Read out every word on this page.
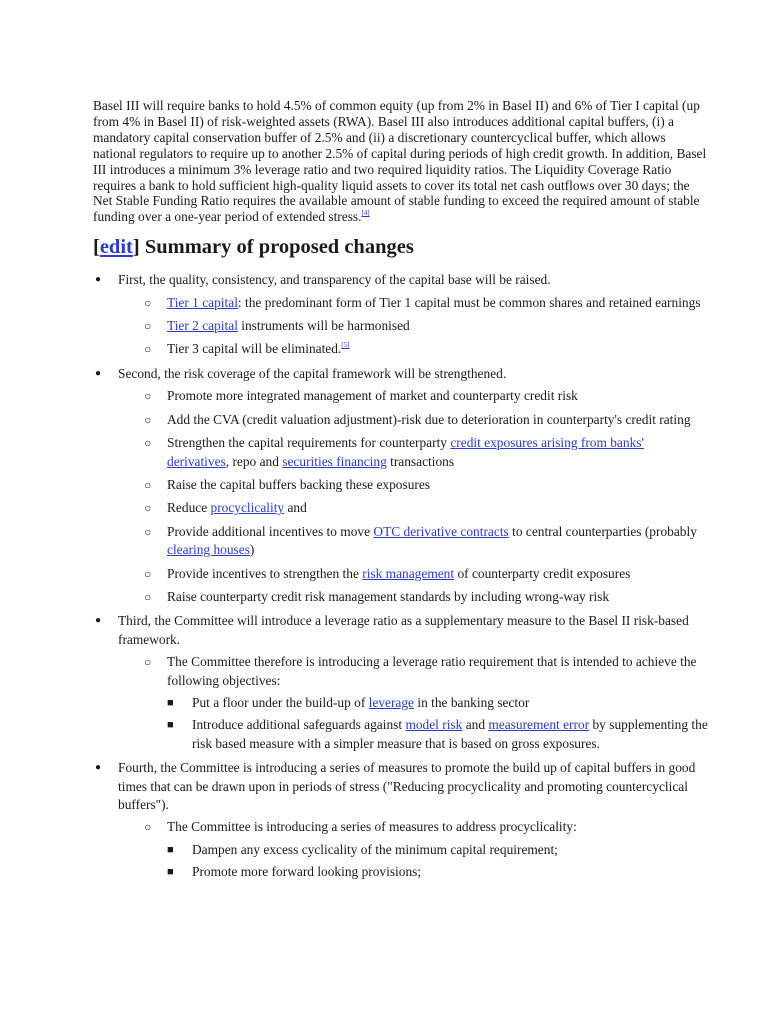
Basel III will require banks to hold 4.5% of common equity (up from 2% in Basel II) and 6% of Tier I capital (up from 4% in Basel II) of risk-weighted assets (RWA). Basel III also introduces additional capital buffers, (i) a mandatory capital conservation buffer of 2.5% and (ii) a discretionary countercyclical buffer, which allows national regulators to require up to another 2.5% of capital during periods of high credit growth. In addition, Basel III introduces a minimum 3% leverage ratio and two required liquidity ratios. The Liquidity Coverage Ratio requires a bank to hold sufficient high-quality liquid assets to cover its total net cash outflows over 30 days; the Net Stable Funding Ratio requires the available amount of stable funding to exceed the required amount of stable funding over a one-year period of extended stress.[4]

[edit] Summary of proposed changes
● First, the quality, consistency, and transparency of the capital base will be raised.
○ Tier 1 capital: the predominant form of Tier 1 capital must be common shares and retained earnings
○ Tier 2 capital instruments will be harmonised
○ Tier 3 capital will be eliminated.[5]
● Second, the risk coverage of the capital framework will be strengthened.
○ Promote more integrated management of market and counterparty credit risk
○ Add the CVA (credit valuation adjustment)-risk due to deterioration in counterparty's credit rating
○ Strengthen the capital requirements for counterparty credit exposures arising from banks' derivatives, repo and securities financing transactions
○ Raise the capital buffers backing these exposures
○ Reduce procyclicality and
○ Provide additional incentives to move OTC derivative contracts to central counterparties (probably clearing houses)
○ Provide incentives to strengthen the risk management of counterparty credit exposures
○ Raise counterparty credit risk management standards by including wrong-way risk
● Third, the Committee will introduce a leverage ratio as a supplementary measure to the Basel II risk-based framework.
○ The Committee therefore is introducing a leverage ratio requirement that is intended to achieve the following objectives:
■ Put a floor under the build-up of leverage in the banking sector
■ Introduce additional safeguards against model risk and measurement error by supplementing the risk based measure with a simpler measure that is based on gross exposures.
● Fourth, the Committee is introducing a series of measures to promote the build up of capital buffers in good times that can be drawn upon in periods of stress ("Reducing procyclicality and promoting countercyclical buffers").
○ The Committee is introducing a series of measures to address procyclicality:
■ Dampen any excess cyclicality of the minimum capital requirement;
■ Promote more forward looking provisions;
